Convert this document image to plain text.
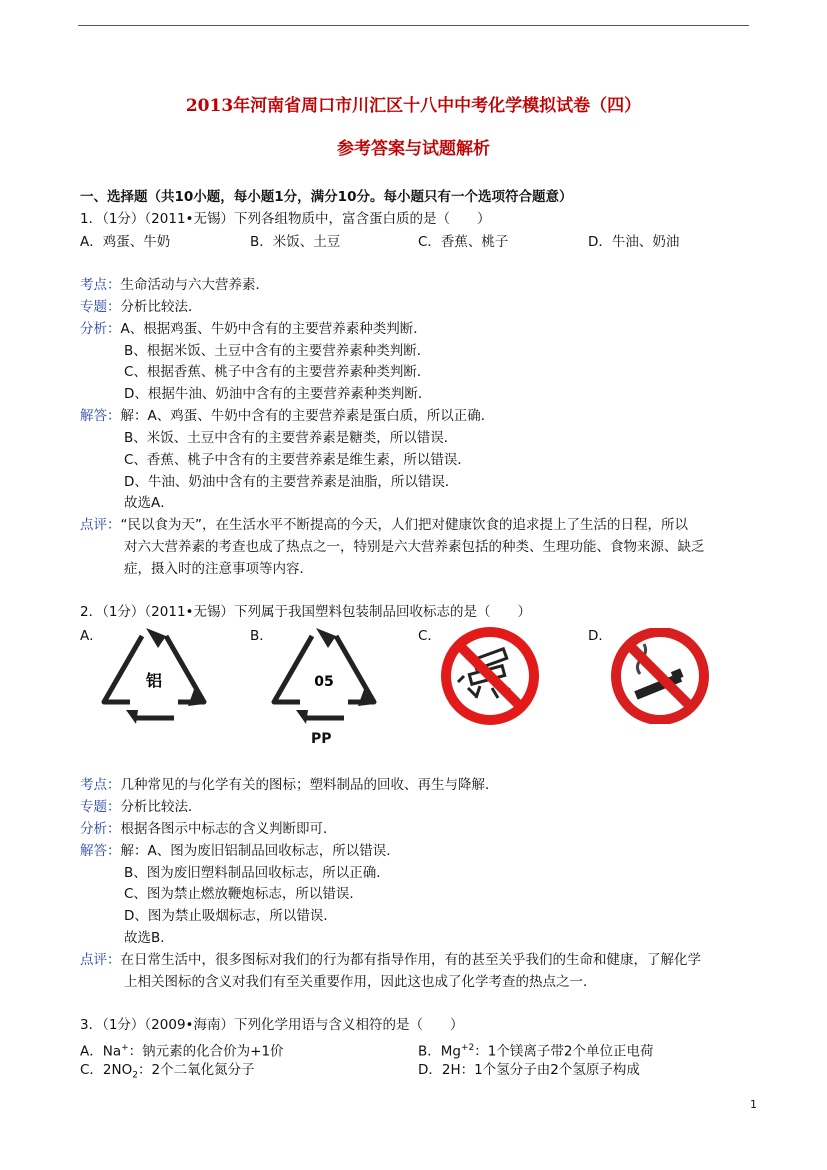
2013年河南省周口市川汇区十八中中考化学模拟试卷（四）
参考答案与试题解析
一、选择题（共10小题，每小题1分，满分10分。每小题只有一个选项符合题意）
1．（1分）（2011•无锡）下列各组物质中，富含蛋白质的是（　　）
A．鸡蛋、牛奶	B．米饭、土豆	C．香蕉、桃子	D．牛油、奶油
考点：生命活动与六大营养素．
专题：分析比较法．
分析：A、根据鸡蛋、牛奶中含有的主要营养素种类判断．
B、根据米饭、土豆中含有的主要营养素种类判断．
C、根据香蕉、桃子中含有的主要营养素种类判断．
D、根据牛油、奶油中含有的主要营养素种类判断．
解答：解：A、鸡蛋、牛奶中含有的主要营养素是蛋白质，所以正确．
B、米饭、土豆中含有的主要营养素是糖类，所以错误．
C、香蕉、桃子中含有的主要营养素是维生素，所以错误．
D、牛油、奶油中含有的主要营养素是油脂，所以错误．
故选A．
点评：“民以食为天”，在生活水平不断提高的今天，人们把对健康饮食的追求提上了生活的日程，所以
对六大营养素的考查也成了热点之一，特别是六大营养素包括的种类、生理功能、食物来源、缺乏
症，摄入时的注意事项等内容．
2．（1分）（2011•无锡）下列属于我国塑料包装制品回收标志的是（　　）
A．	B．	C．	D．
铝	05
PP
考点：几种常见的与化学有关的图标；塑料制品的回收、再生与降解．
专题：分析比较法．
分析：根据各图示中标志的含义判断即可．
解答：解：A、图为废旧铝制品回收标志，所以错误．
B、图为废旧塑料制品回收标志，所以正确．
C、图为禁止燃放鞭炮标志，所以错误．
D、图为禁止吸烟标志，所以错误．
故选B．
点评：在日常生活中，很多图标对我们的行为都有指导作用，有的甚至关乎我们的生命和健康，了解化学
上相关图标的含义对我们有至关重要作用，因此这也成了化学考查的热点之一．
3．（1分）（2009•海南）下列化学用语与含义相符的是（　　）
A．Na+：钠元素的化合价为+1价	B．$Mg^{+2}$：1个镁离子带2个单位正电荷
C．$2NO_2$：2个二氧化氮分子	D．2H：1个氢分子由2个氢原子构成
1
